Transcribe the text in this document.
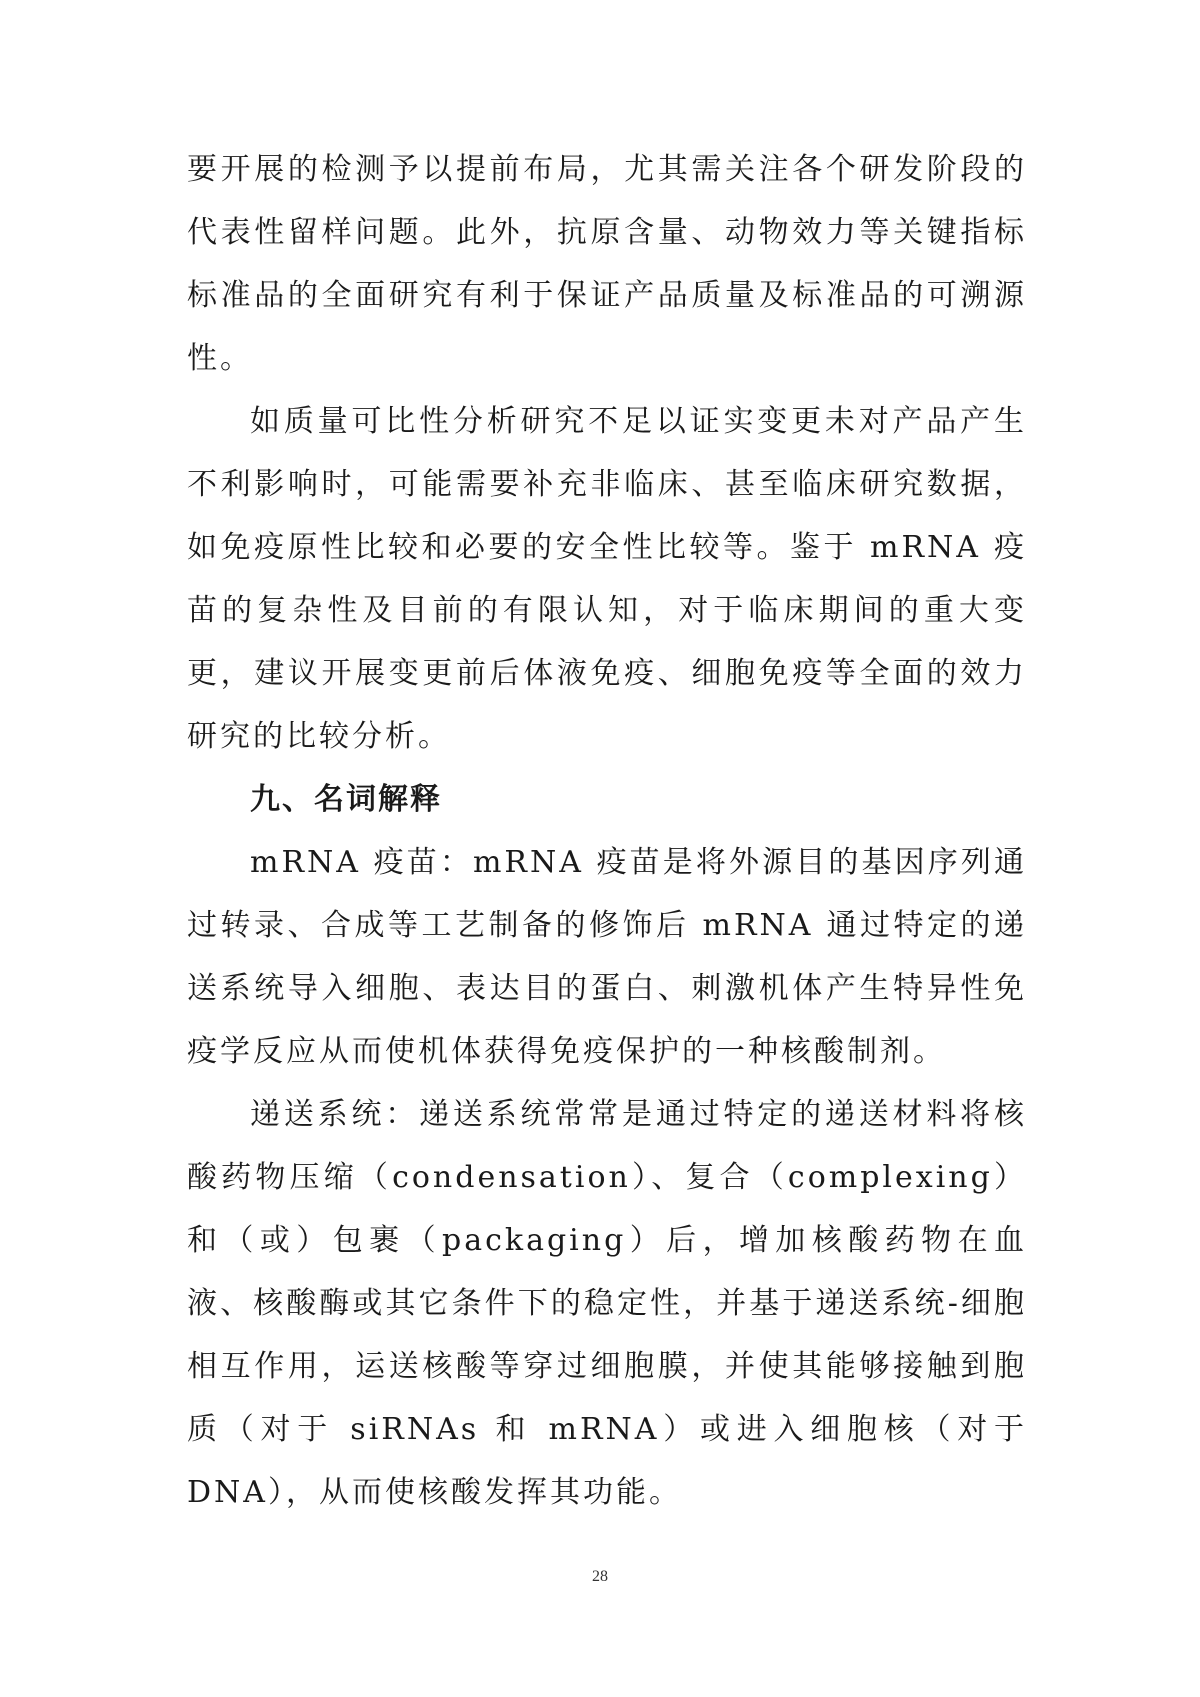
要开展的检测予以提前布局，尤其需关注各个研发阶段的代表性留样问题。此外，抗原含量、动物效力等关键指标标准品的全面研究有利于保证产品质量及标准品的可溯源性。

如质量可比性分析研究不足以证实变更未对产品产生不利影响时，可能需要补充非临床、甚至临床研究数据，如免疫原性比较和必要的安全性比较等。鉴于 mRNA 疫苗的复杂性及目前的有限认知，对于临床期间的重大变更，建议开展变更前后体液免疫、细胞免疫等全面的效力研究的比较分析。

九、名词解释

mRNA 疫苗：mRNA 疫苗是将外源目的基因序列通过转录、合成等工艺制备的修饰后 mRNA 通过特定的递送系统导入细胞、表达目的蛋白、刺激机体产生特异性免疫学反应从而使机体获得免疫保护的一种核酸制剂。

递送系统：递送系统常常是通过特定的递送材料将核酸药物压缩（condensation）、复合（complexing）和（或）包裹（packaging）后，增加核酸药物在血液、核酸酶或其它条件下的稳定性，并基于递送系统-细胞相互作用，运送核酸等穿过细胞膜，并使其能够接触到胞质（对于 siRNAs 和 mRNA）或进入细胞核（对于 DNA），从而使核酸发挥其功能。

28
